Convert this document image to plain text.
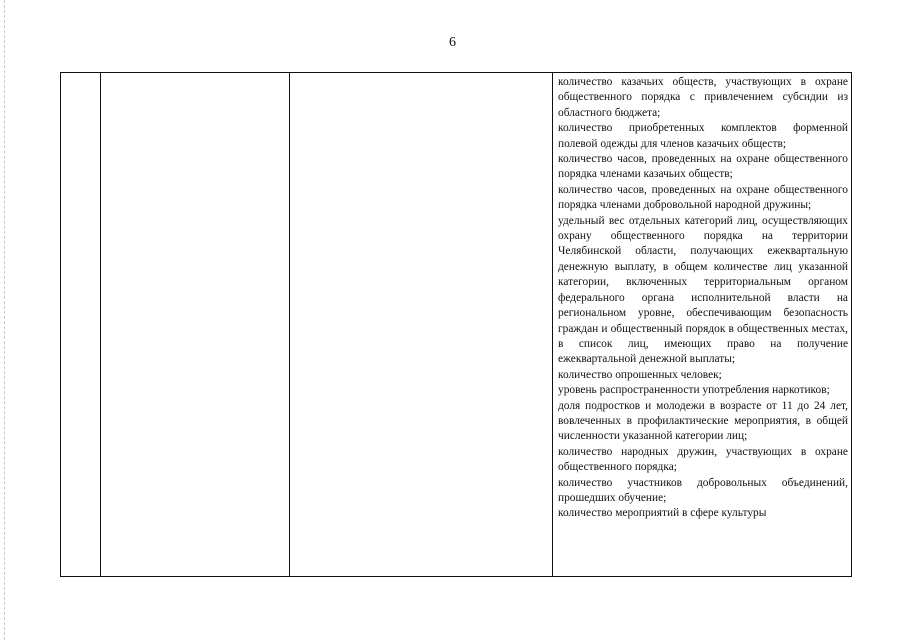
6

количество казачьих обществ, участвующих в охране общественного порядка с привлечением субсидии из областного бюджета;

количество приобретенных комплектов форменной полевой одежды для членов казачьих обществ;

количество часов, проведенных на охране общественного порядка членами казачьих обществ;

количество часов, проведенных на охране общественного порядка членами добровольной народной дружины;

удельный вес отдельных категорий лиц, осуществляющих охрану общественного порядка на территории Челябинской области, получающих ежеквартальную денежную выплату, в общем количестве лиц указанной категории, включенных территориальным органом федерального органа исполнительной власти на региональном уровне, обеспечивающим безопасность граждан и общественный порядок в общественных местах, в список лиц, имеющих право на получение ежеквартальной денежной выплаты;

количество опрошенных человек;

уровень распространенности употребления наркотиков;

доля подростков и молодежи в возрасте от 11 до 24 лет, вовлеченных в профилактические мероприятия, в общей численности указанной категории лиц;

количество народных дружин, участвующих в охране общественного порядка;

количество участников добровольных объединений, прошедших обучение;

количество мероприятий в сфере культуры
